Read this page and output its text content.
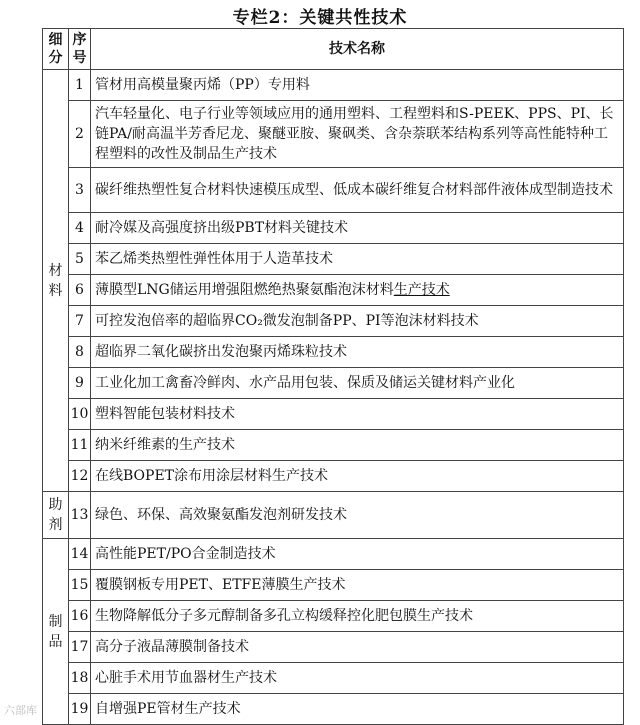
专栏2：关键共性技术
细分	序号	技术名称
材料	1	管材用高模量聚丙烯（PP）专用料
	2	汽车轻量化、电子行业等领域应用的通用塑料、工程塑料和S-PEEK、PPS、PI、长链PA/耐高温半芳香尼龙、聚醚亚胺、聚砜类、含杂萘联苯结构系列等高性能特种工程塑料的改性及制品生产技术
	3	碳纤维热塑性复合材料快速模压成型、低成本碳纤维复合材料部件液体成型制造技术
	4	耐冷媒及高强度挤出级PBT材料关键技术
	5	苯乙烯类热塑性弹性体用于人造革技术
	6	薄膜型LNG储运用增强阻燃绝热聚氨酯泡沫材料生产技术
	7	可控发泡倍率的超临界CO₂微发泡制备PP、PI等泡沫材料技术
	8	超临界二氧化碳挤出发泡聚丙烯珠粒技术
	9	工业化加工禽畜冷鲜肉、水产品用包装、保质及储运关键材料产业化
	10	塑料智能包装材料技术
	11	纳米纤维素的生产技术
	12	在线BOPET涂布用涂层材料生产技术
助剂	13	绿色、环保、高效聚氨酯发泡剂研发技术
制品	14	高性能PET/PO合金制造技术
	15	覆膜钢板专用PET、ETFE薄膜生产技术
	16	生物降解低分子多元醇制备多孔立构缓释控化肥包膜生产技术
	17	高分子液晶薄膜制备技术
	18	心脏手术用节血器材生产技术
	19	自增强PE管材生产技术
六部库
